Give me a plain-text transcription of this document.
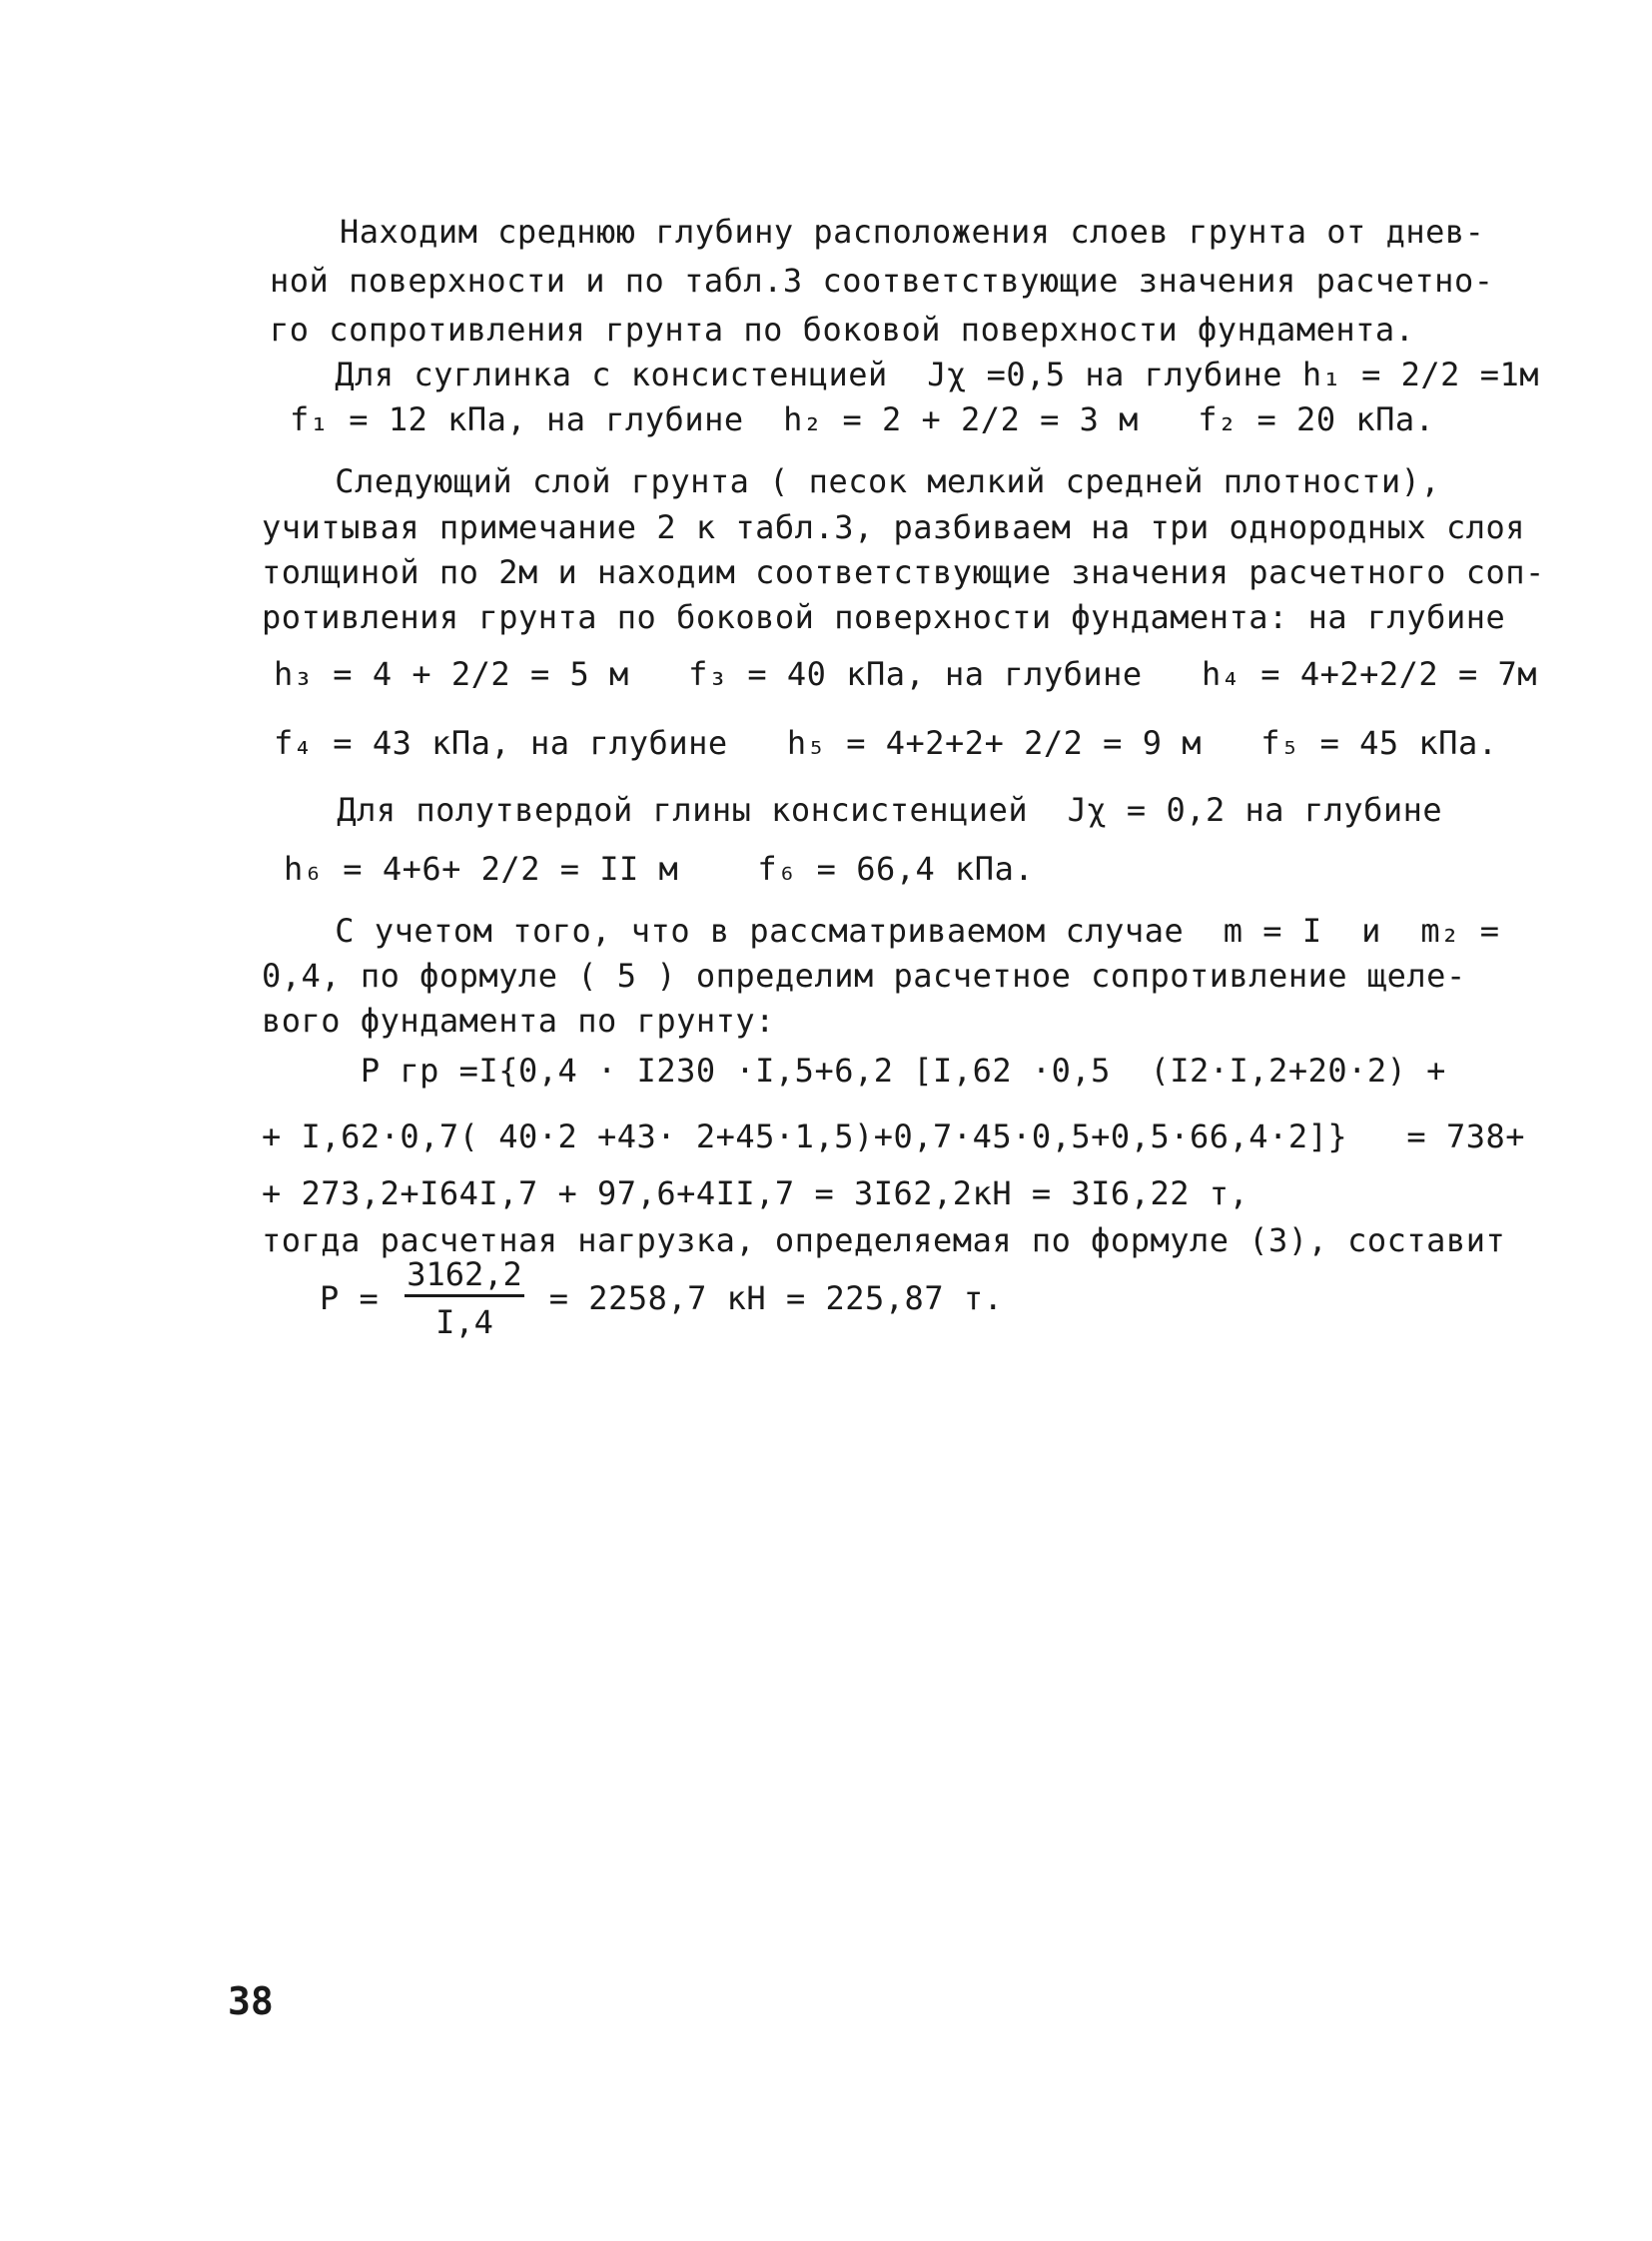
Находим среднюю глубину расположения слоев грунта от днев-
ной поверхности и по табл.3 соответствующие значения расчетно-
го сопротивления грунта по боковой поверхности фундамента.
Для суглинка с консистенцией  Jχ =0,5 на глубине h₁ = 2/2 =1м
f₁ = 12 кПа, на глубине  h₂ = 2 + 2/2 = 3 м   f₂ = 20 кПа.
Следующий слой грунта ( песок мелкий средней плотности),
учитывая примечание 2 к табл.3, разбиваем на три однородных слоя
толщиной по 2м и находим соответствующие значения расчетного соп-
ротивления грунта по боковой поверхности фундамента: на глубине
h₃ = 4 + 2/2 = 5 м   f₃ = 40 кПа, на глубине   h₄ = 4+2+2/2 = 7м
f₄ = 43 кПа, на глубине   h₅ = 4+2+2+ 2/2 = 9 м   f₅ = 45 кПа.
Для полутвердой глины консистенцией  Jχ = 0,2 на глубине
h₆ = 4+6+ 2/2 = II м    f₆ = 66,4 кПа.
С учетом того, что в рассматриваемом случае  m = I  и  m₂ =
0,4, по формуле ( 5 ) определим расчетное сопротивление щеле-
вого фундамента по грунту:
P гр =I{0,4 · I230 ·I,5+6,2 [I,62 ·0,5  (I2·I,2+20·2) +
+ I,62·0,7( 40·2 +43· 2+45·1,5)+0,7·45·0,5+0,5·66,4·2]}   = 738+
+ 273,2+I64I,7 + 97,6+4II,7 = 3I62,2кН = 3I6,22 т,
тогда расчетная нагрузка, определяемая по формуле (3), составит
P =
3162,2
I,4
= 2258,7 кН = 225,87 т.
38
